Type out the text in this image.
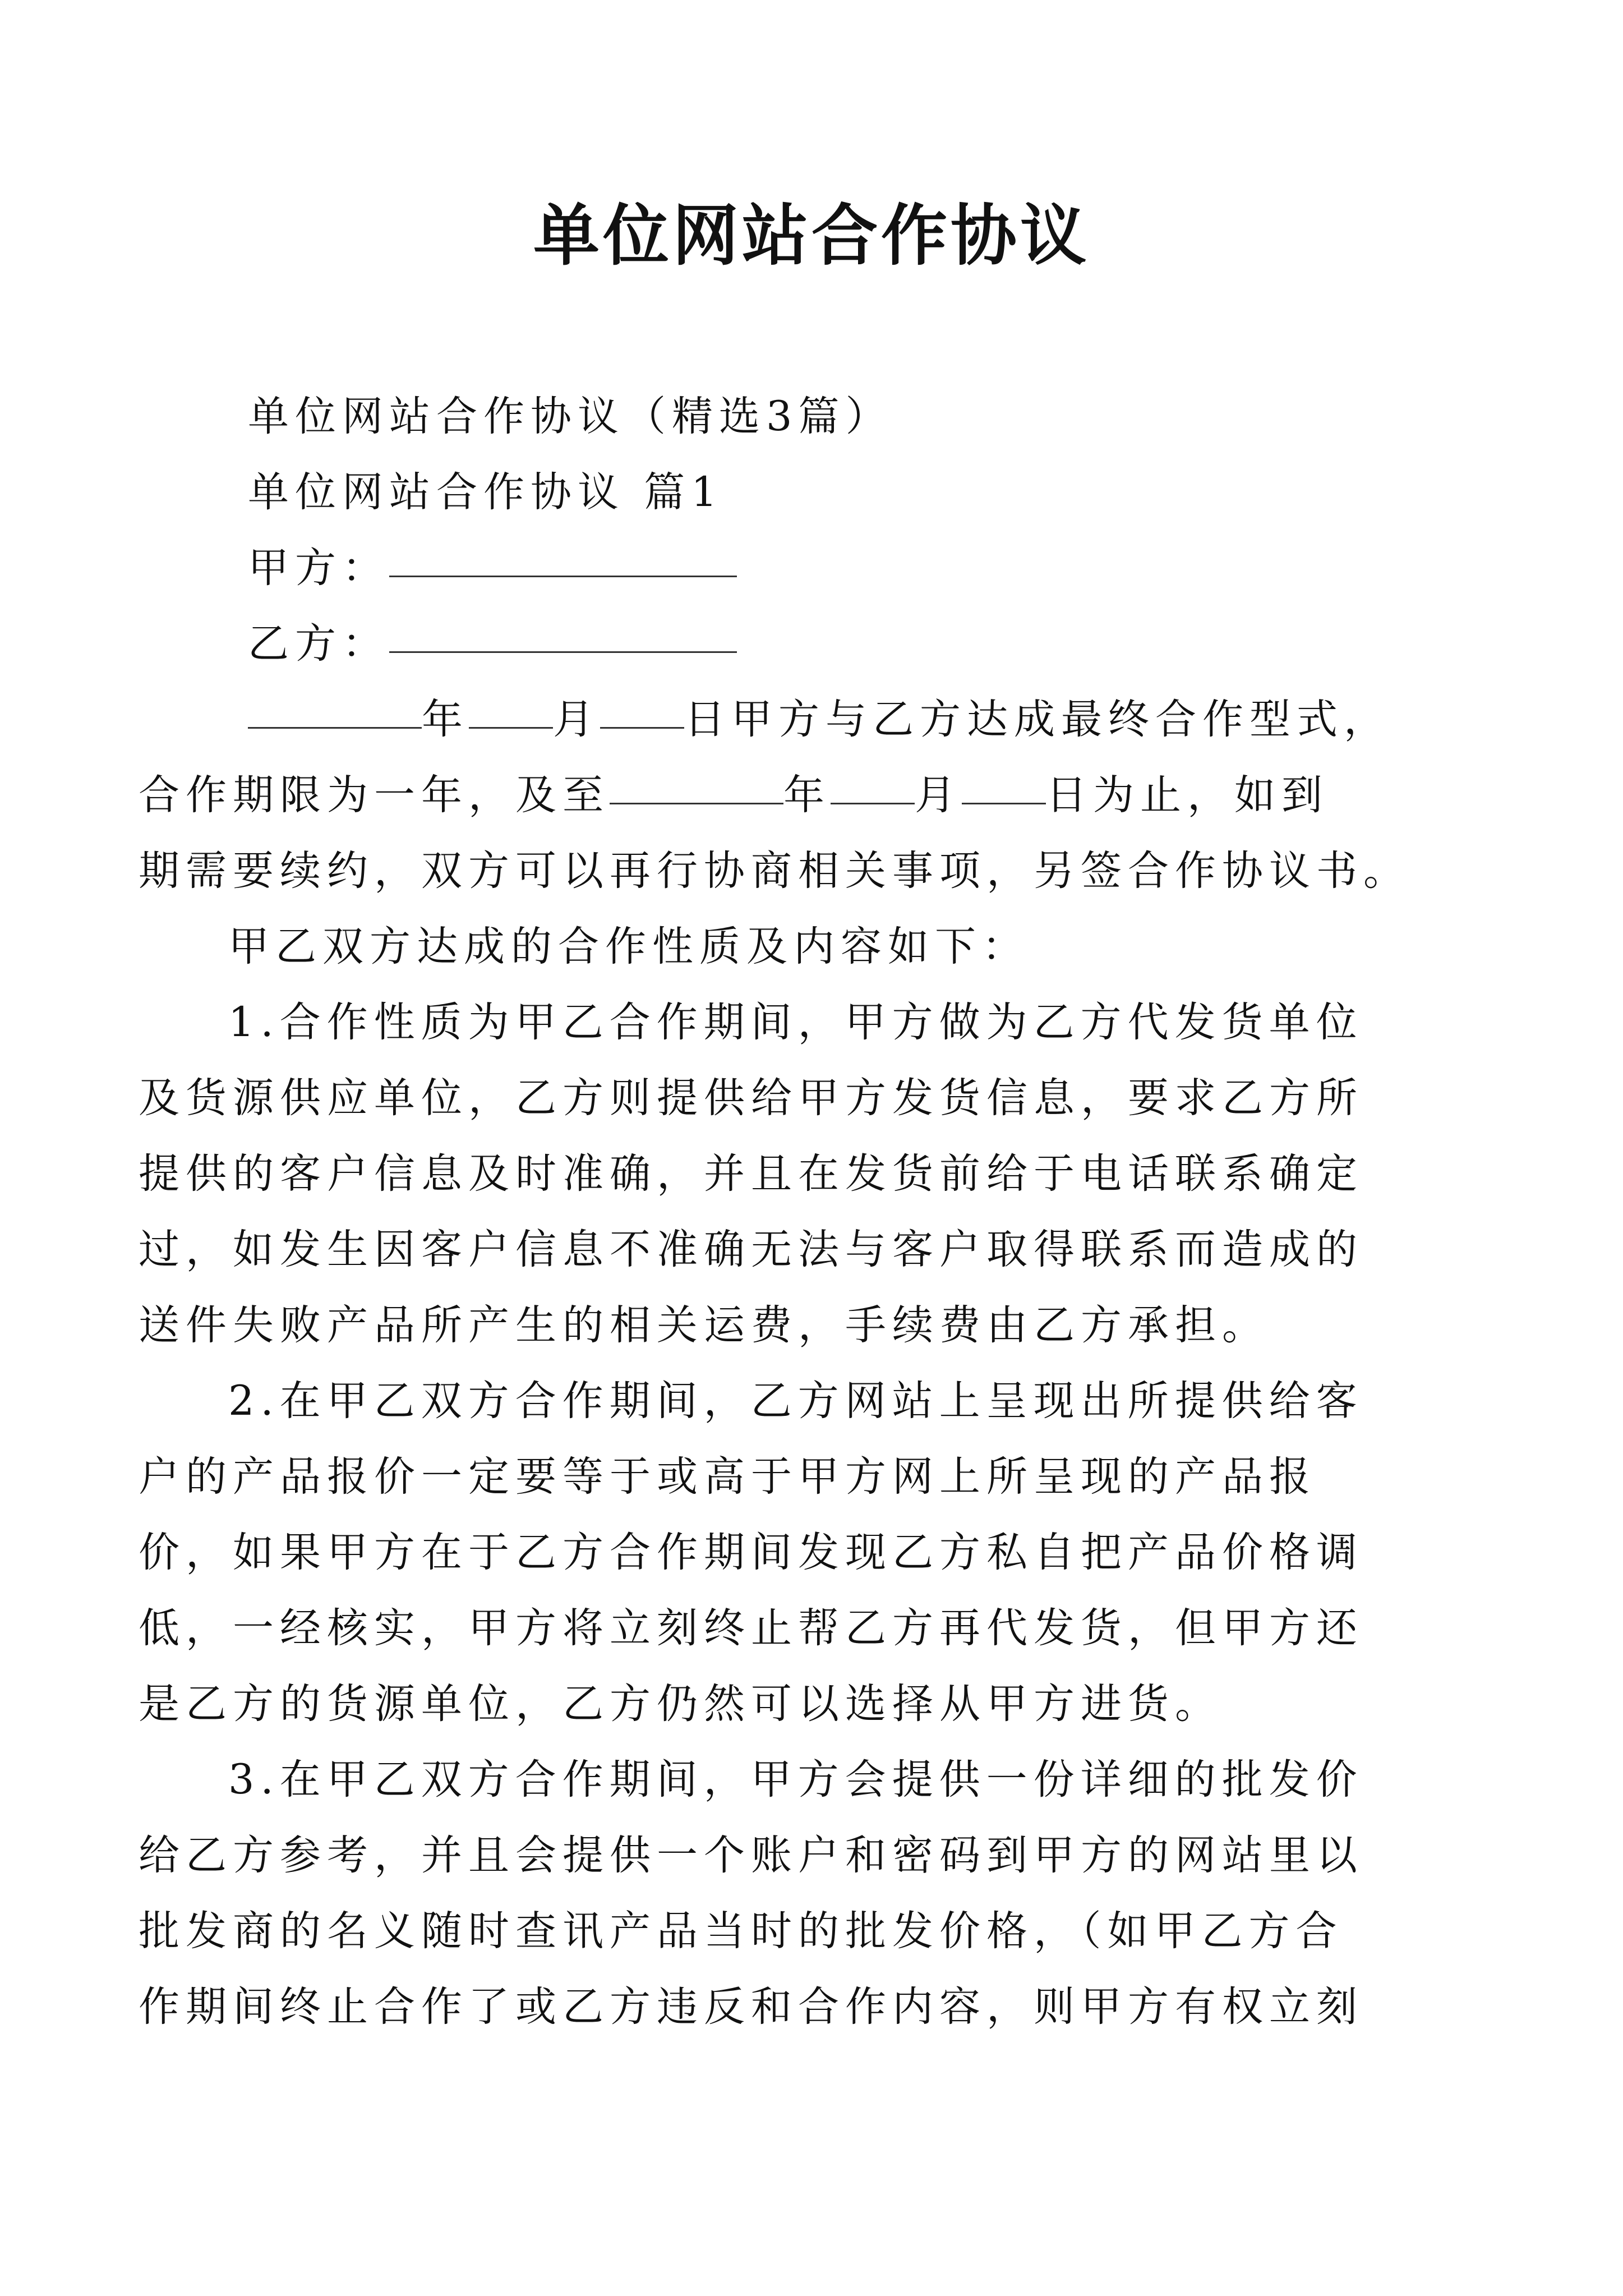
单位网站合作协议
单位网站合作协议（精选3篇）
单位网站合作协议 篇1
甲方：
乙方：
年 月 日甲方与乙方达成最终合作型式，
合作期限为一年，及至	年 月 日为止，如到
期需要续约，双方可以再行协商相关事项，另签合作协议书。
甲乙双方达成的合作性质及内容如下：
1.合作性质为甲乙合作期间，甲方做为乙方代发货单位
及货源供应单位，乙方则提供给甲方发货信息，要求乙方所
提供的客户信息及时准确，并且在发货前给于电话联系确定
过，如发生因客户信息不准确无法与客户取得联系而造成的
送件失败产品所产生的相关运费，手续费由乙方承担。
2.在甲乙双方合作期间，乙方网站上呈现出所提供给客
户的产品报价一定要等于或高于甲方网上所呈现的产品报
价，如果甲方在于乙方合作期间发现乙方私自把产品价格调
低，一经核实，甲方将立刻终止帮乙方再代发货，但甲方还
是乙方的货源单位，乙方仍然可以选择从甲方进货。
3.在甲乙双方合作期间，甲方会提供一份详细的批发价
给乙方参考，并且会提供一个账户和密码到甲方的网站里以
批发商的名义随时查讯产品当时的批发价格，（如甲乙方合
作期间终止合作了或乙方违反和合作内容，则甲方有权立刻
